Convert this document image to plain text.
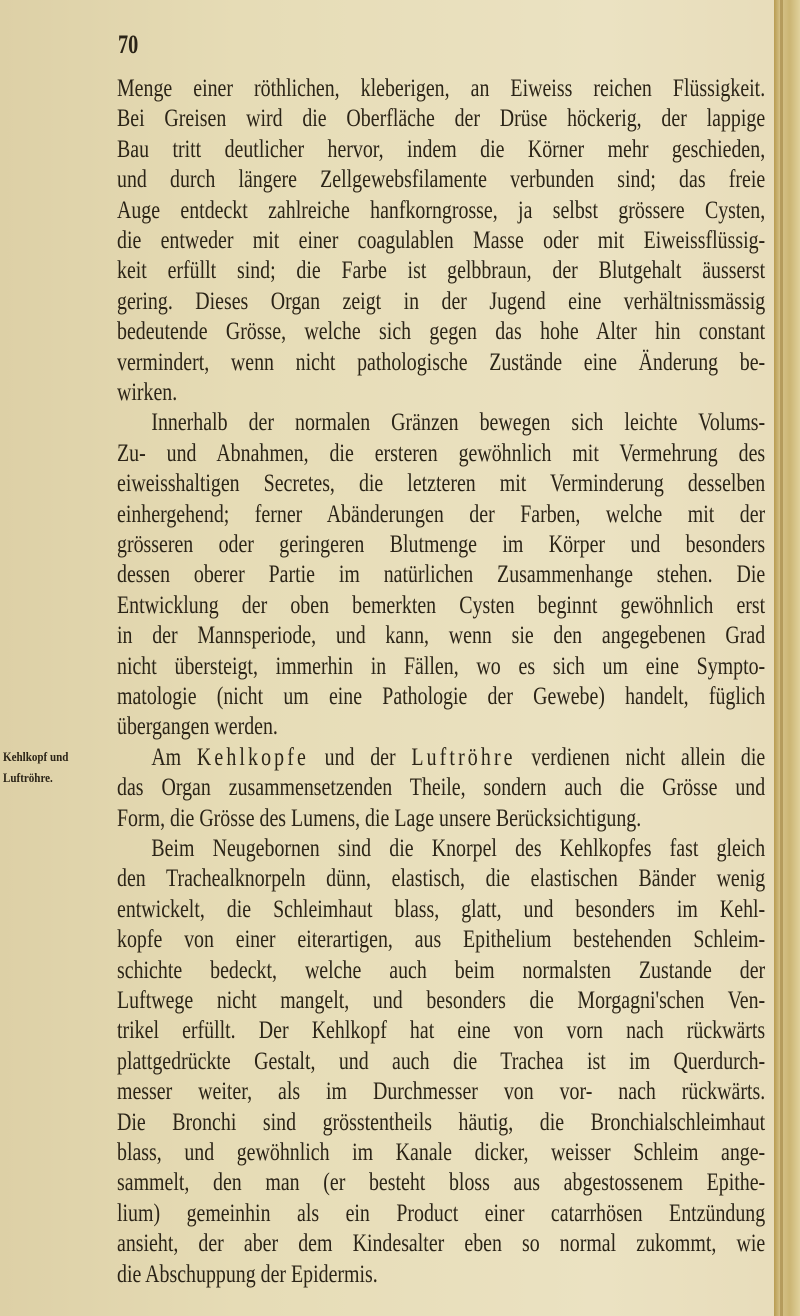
70
Kehlkopf und
Luftröhre.
Menge einer röthlichen, kleberigen, an Eiweiss reichen Flüssigkeit.
Bei Greisen wird die Oberfläche der Drüse höckerig, der lappige
Bau tritt deutlicher hervor, indem die Körner mehr geschieden,
und durch längere Zellgewebsfilamente verbunden sind; das freie
Auge entdeckt zahlreiche hanfkorngrosse, ja selbst grössere Cysten,
die entweder mit einer coagulablen Masse oder mit Eiweissflüssig-
keit erfüllt sind; die Farbe ist gelbbraun, der Blutgehalt äusserst
gering. Dieses Organ zeigt in der Jugend eine verhältnissmässig
bedeutende Grösse, welche sich gegen das hohe Alter hin constant
vermindert, wenn nicht pathologische Zustände eine Änderung be-
wirken.
Innerhalb der normalen Gränzen bewegen sich leichte Volums-
Zu- und Abnahmen, die ersteren gewöhnlich mit Vermehrung des
eiweisshaltigen Secretes, die letzteren mit Verminderung desselben
einhergehend; ferner Abänderungen der Farben, welche mit der
grösseren oder geringeren Blutmenge im Körper und besonders
dessen oberer Partie im natürlichen Zusammenhange stehen. Die
Entwicklung der oben bemerkten Cysten beginnt gewöhnlich erst
in der Mannsperiode, und kann, wenn sie den angegebenen Grad
nicht übersteigt, immerhin in Fällen, wo es sich um eine Sympto-
matologie (nicht um eine Pathologie der Gewebe) handelt, füglich
übergangen werden.
Am Kehlkopfe und der Luftröhre verdienen nicht allein die
das Organ zusammensetzenden Theile, sondern auch die Grösse und
Form, die Grösse des Lumens, die Lage unsere Berücksichtigung.
Beim Neugebornen sind die Knorpel des Kehlkopfes fast gleich
den Trachealknorpeln dünn, elastisch, die elastischen Bänder wenig
entwickelt, die Schleimhaut blass, glatt, und besonders im Kehl-
kopfe von einer eiterartigen, aus Epithelium bestehenden Schleim-
schichte bedeckt, welche auch beim normalsten Zustande der
Luftwege nicht mangelt, und besonders die Morgagni'schen Ven-
trikel erfüllt. Der Kehlkopf hat eine von vorn nach rückwärts
plattgedrückte Gestalt, und auch die Trachea ist im Querdurch-
messer weiter, als im Durchmesser von vor- nach rückwärts.
Die Bronchi sind grösstentheils häutig, die Bronchialschleimhaut
blass, und gewöhnlich im Kanale dicker, weisser Schleim ange-
sammelt, den man (er besteht bloss aus abgestossenem Epithe-
lium) gemeinhin als ein Product einer catarrhösen Entzündung
ansieht, der aber dem Kindesalter eben so normal zukommt, wie
die Abschuppung der Epidermis.
